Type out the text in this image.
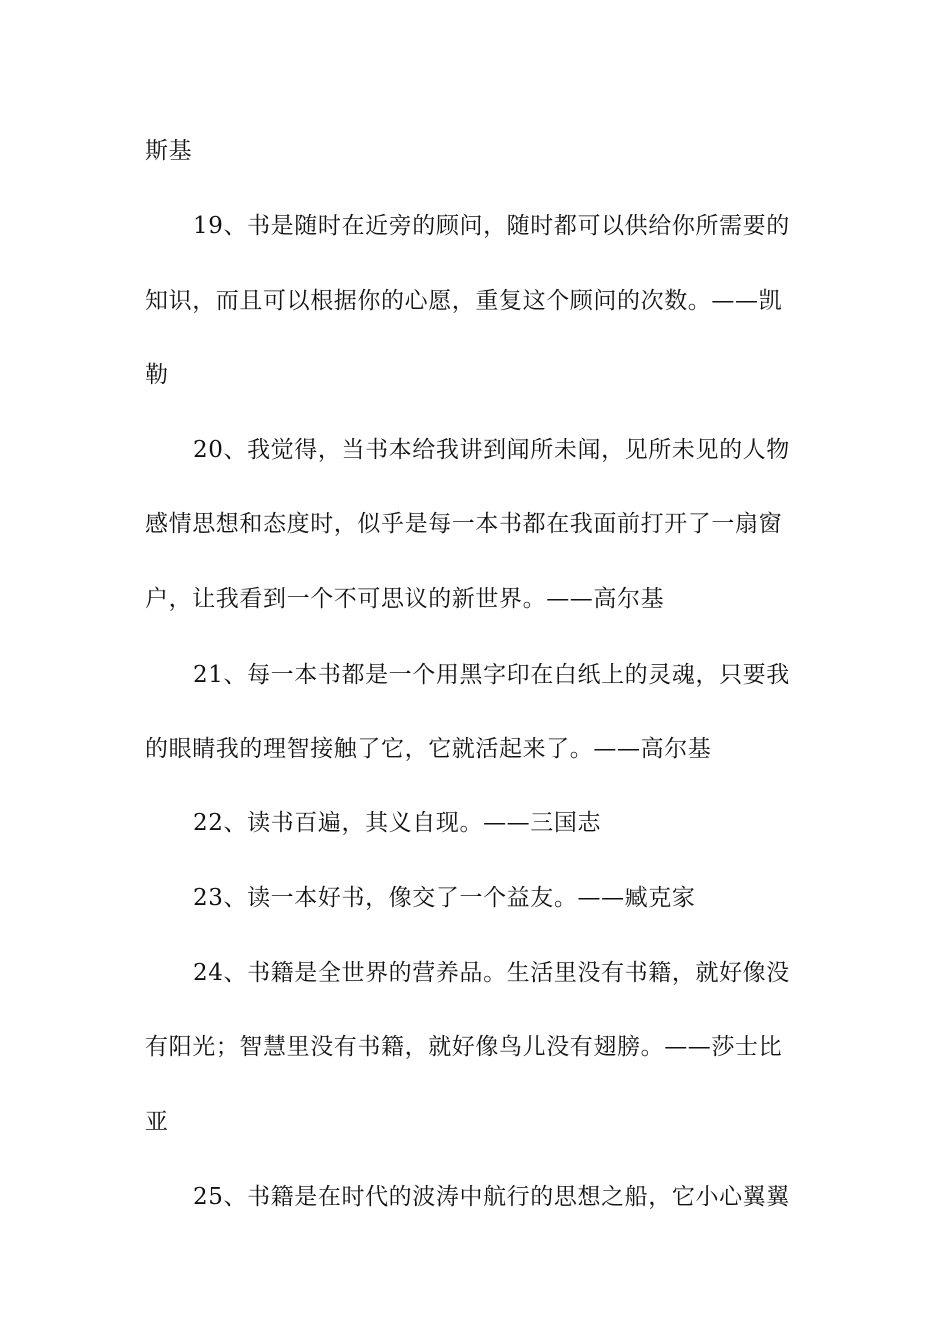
斯基
19、书是随时在近旁的顾问，随时都可以供给你所需要的
知识，而且可以根据你的心愿，重复这个顾问的次数。——凯
勒
20、我觉得，当书本给我讲到闻所未闻，见所未见的人物
感情思想和态度时，似乎是每一本书都在我面前打开了一扇窗
户，让我看到一个不可思议的新世界。——高尔基
21、每一本书都是一个用黑字印在白纸上的灵魂，只要我
的眼睛我的理智接触了它，它就活起来了。——高尔基
22、读书百遍，其义自现。——三国志
23、读一本好书，像交了一个益友。——臧克家
24、书籍是全世界的营养品。生活里没有书籍，就好像没
有阳光；智慧里没有书籍，就好像鸟儿没有翅膀。——莎士比
亚
25、书籍是在时代的波涛中航行的思想之船，它小心翼翼
